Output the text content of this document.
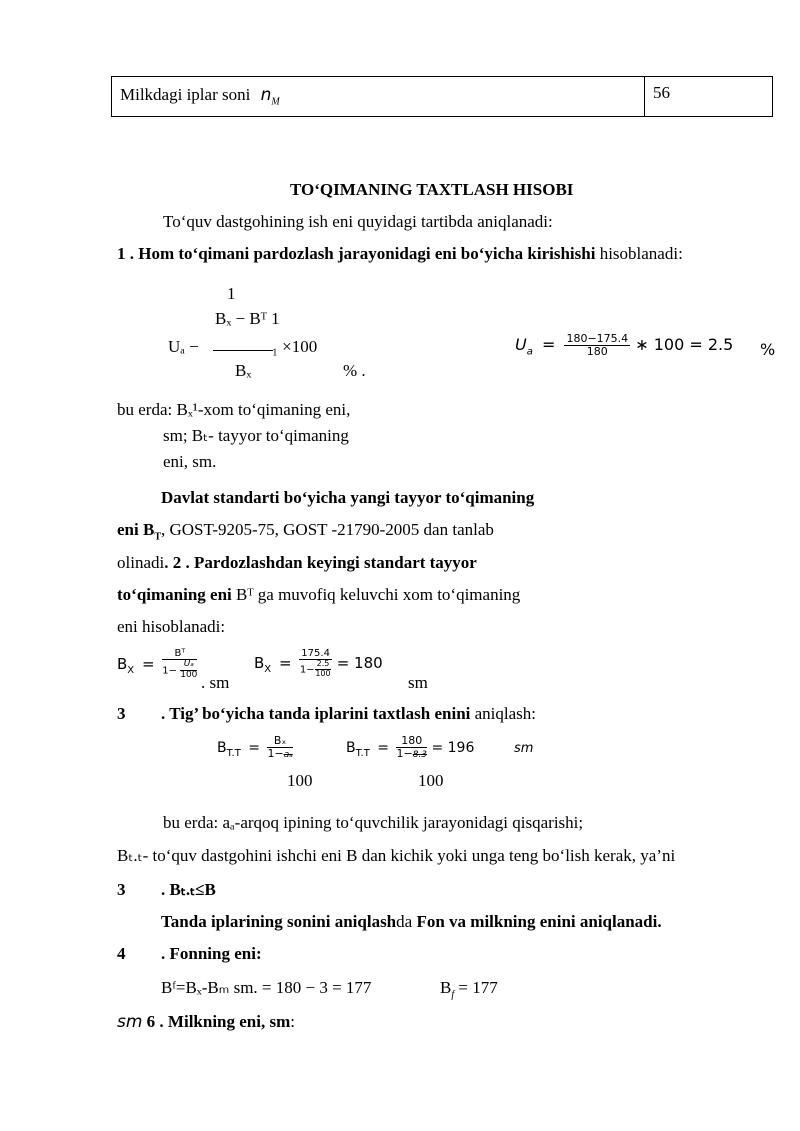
Milkdagi iplar soni $n_M$	56
TO‘QIMANING TAXTLASH HISOBI
To‘quv dastgohining ish eni quyidagi tartibda aniqlanadi:
1 . Hom to‘qimani pardozlash jarayonidagi eni bo‘yicha kirishishi hisoblanadi:
1
Bₓ − Bᵀ 1
Uₐ −	₁ ×100
Bₓ	% .
$U_a = \frac{180-175.4}{180}$ ∗ 100 = 2.5 %
bu erda: Bₓ¹-xom to‘qimaning eni,
sm; Bₜ- tayyor to‘qimaning
eni, sm.
Davlat standarti bo‘yicha yangi tayyor to‘qimaning
eni $B_T$, GOST-9205-75, GOST -21790-2005 dan tanlab
olinadi. 2 . Pardozlashdan keyingi standart tayyor
to‘qimaning eni Bᵀ ga muvofiq keluvchi xom to‘qimaning
eni hisoblanadi:
$B_X = \frac{\text{Bᵀ}}{1- \frac{\text{Uₐ}}{100}}$
. sm
$B_X = \frac{175.4}{1- \frac{2.5}{100}} = 180$
sm
3 . Tig’ bo‘yicha tanda iplarini taxtlash enini aniqlash:
$B_{T.T} = \frac{\text{Bₓ}}{\text{1−aₐ}}$
100
$B_{T.T} = \frac{180}{1-8.3} = 196$	sm
100
bu erda: aₐ-arqoq ipining to‘quvchilik jarayonidagi qisqarishi;
Bₜ.ₜ- to‘quv dastgohini ishchi eni B dan kichik yoki unga teng bo‘lish kerak, ya’ni
3 . Bₜ.ₜ≤B
Tanda iplarining sonini aniqlashda Fon va milkning enini aniqlanadi.
4 . Fonning eni:
Bᶠ=Bₓ-Bₘ sm. = 180 − 3 = 177	$B_f = 177$
sm 6 . Milkning eni, sm:
